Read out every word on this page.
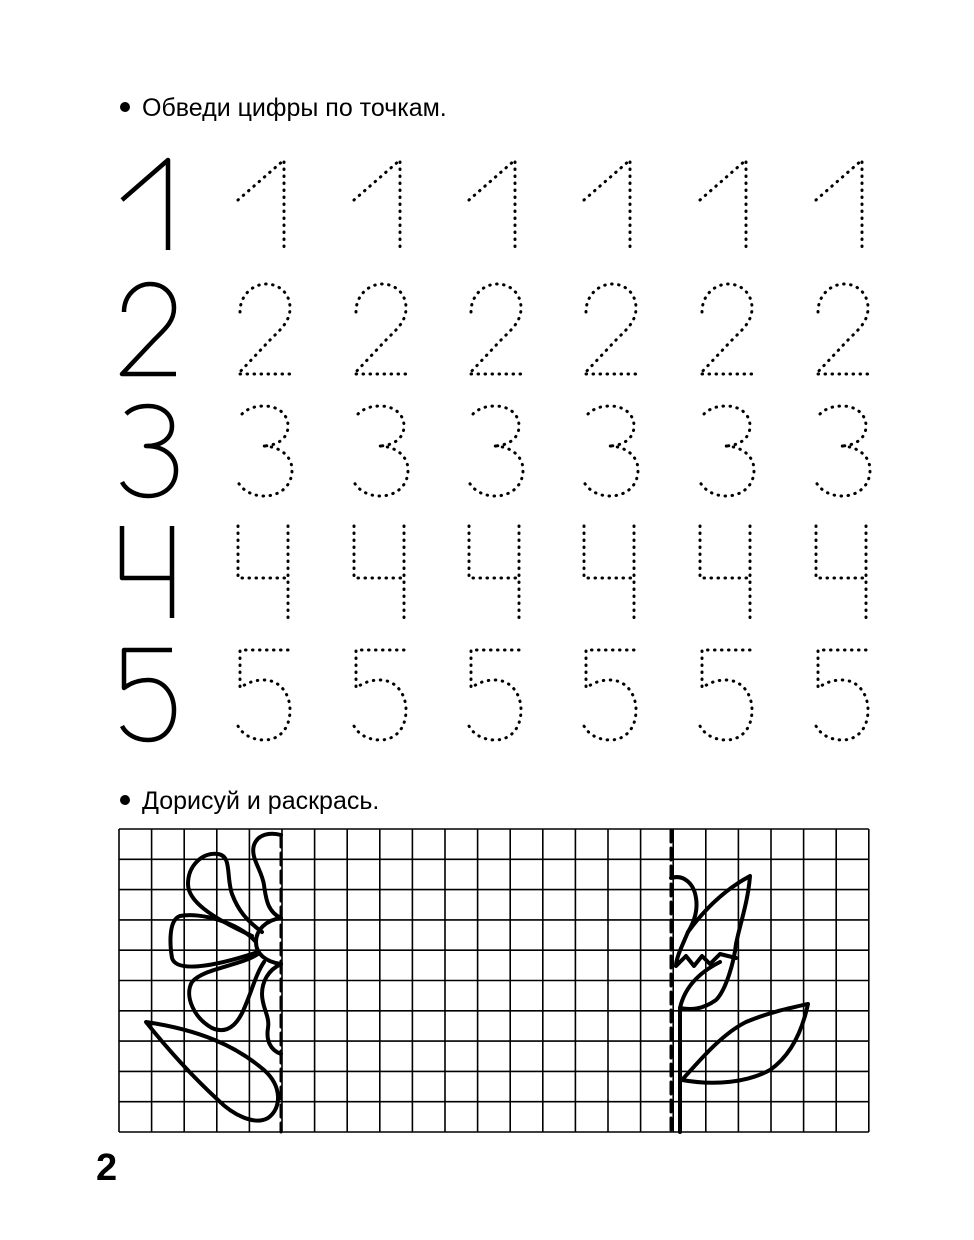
Обведи цифры по точкам.
Дорисуй и раскрась.
2
